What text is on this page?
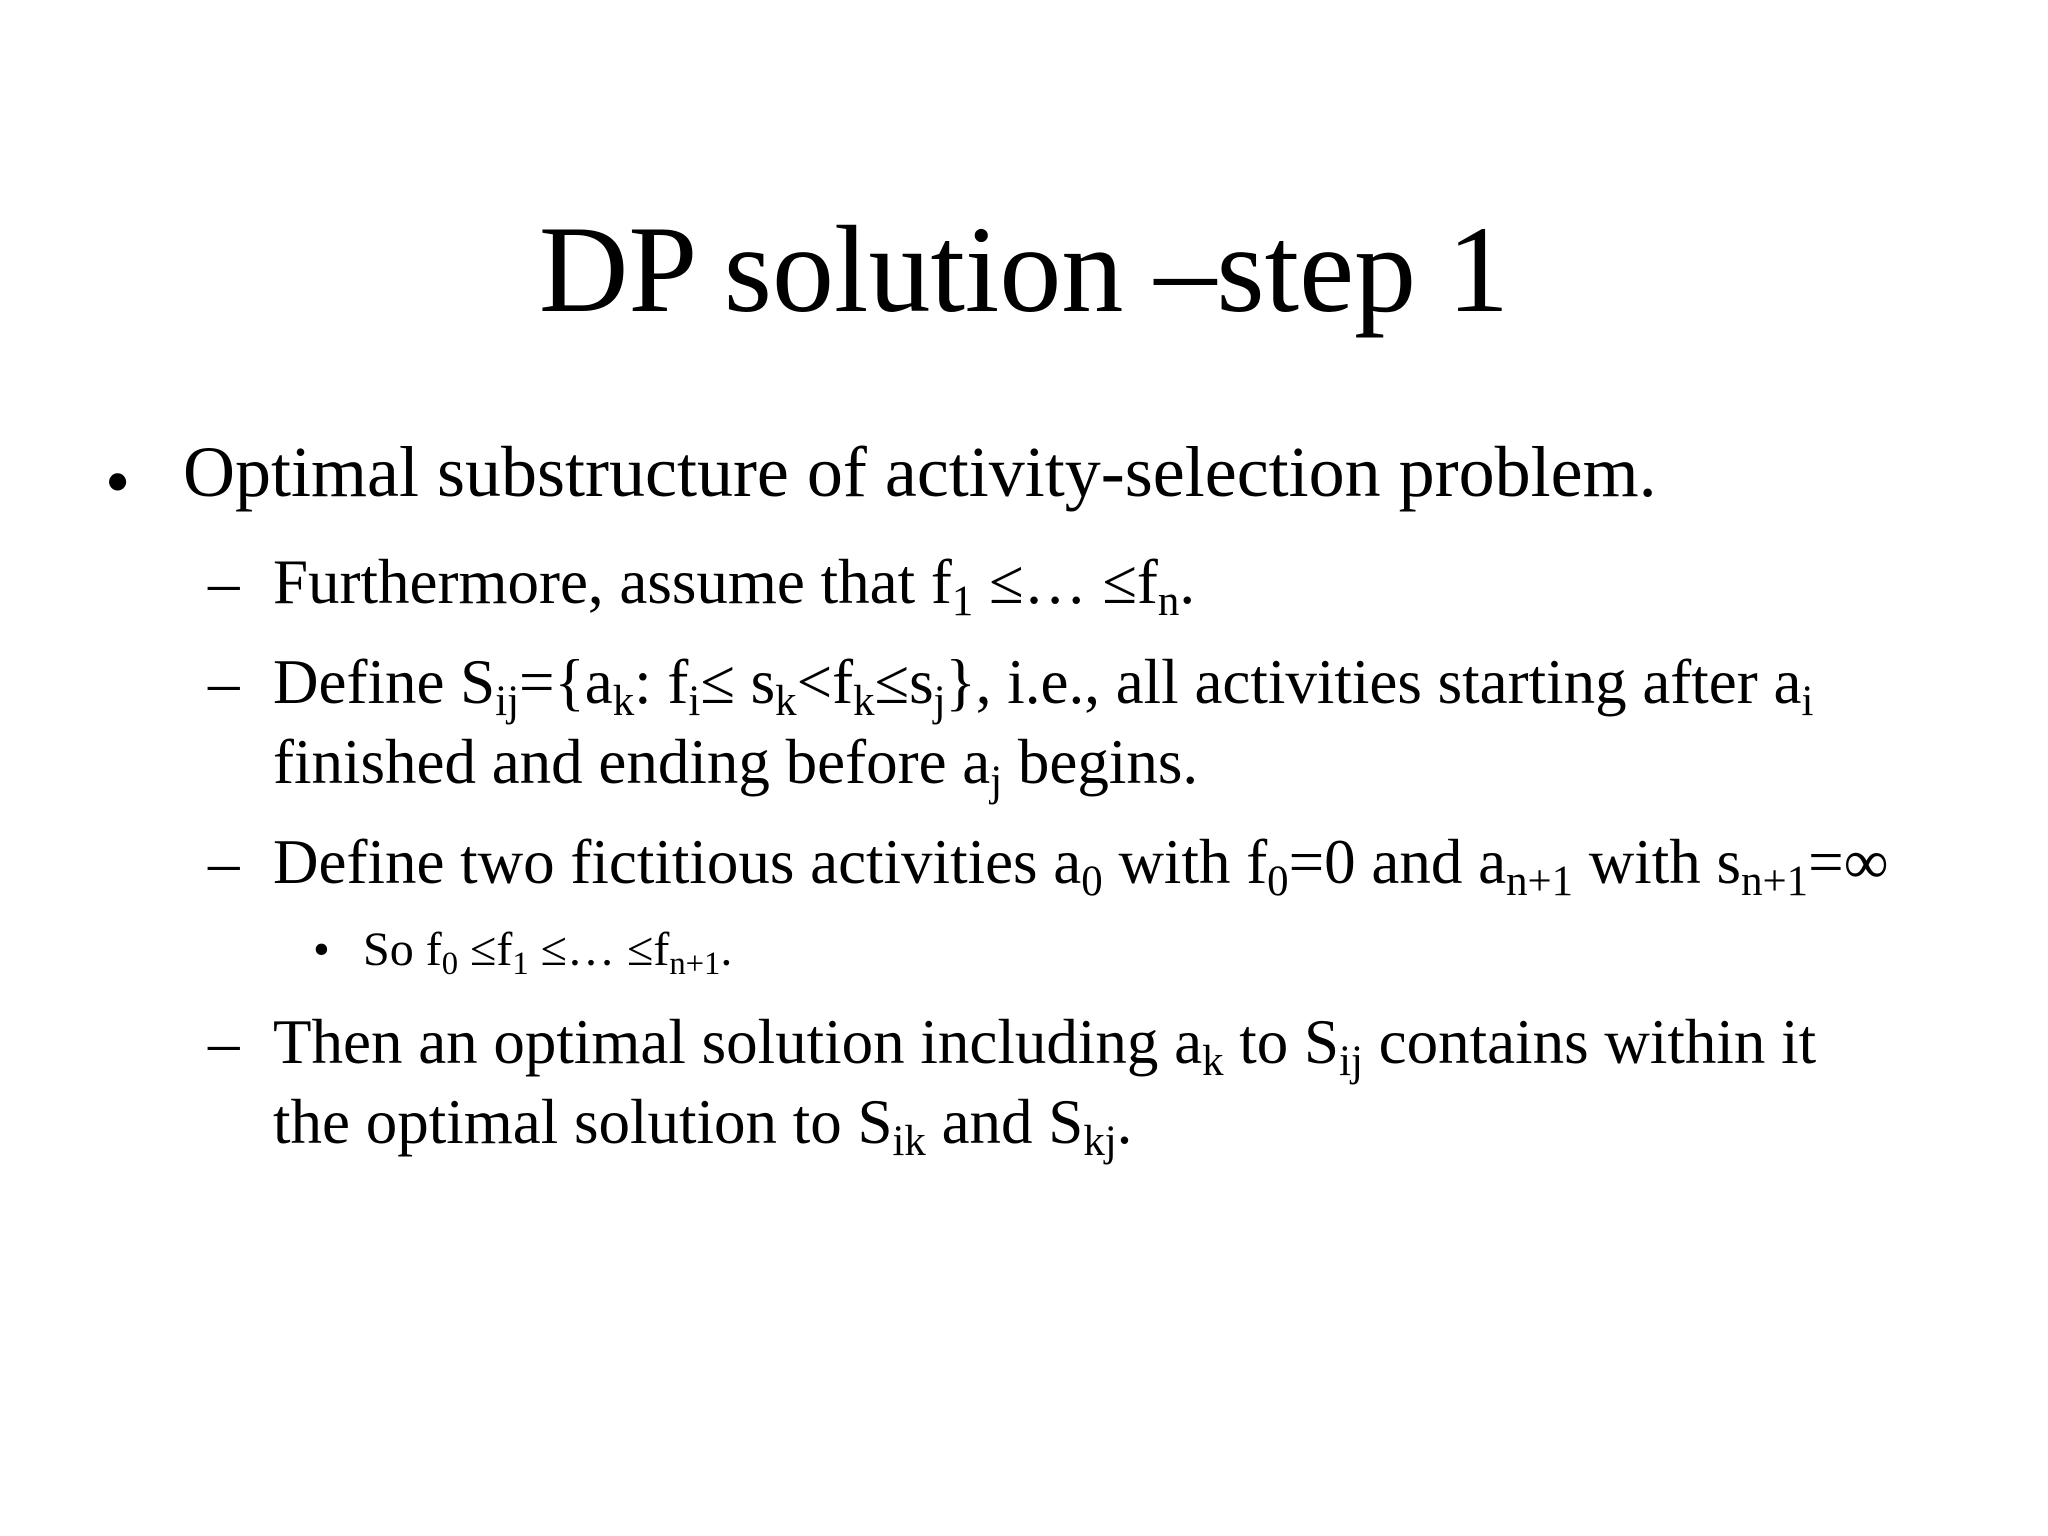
DP solution –step 1
• Optimal substructure of activity-selection problem.
– Furthermore, assume that $f_1$ ≤… $\le f_n$.
– Define $S_{ij}=\{a_k$: $f_i\le s_k<f_k\le s_j$}, i.e., all activities starting after $a_i$
finished and ending before $a_j$ begins.
– Define two fictitious activities $a_0$ with $f_0=0$ and $a_{n+1}$ with $s_{n+1}=\infty$
• So $f_0 \le f_1$ ≤… $\le f_{n+1}$.
– Then an optimal solution including $a_k$ to $S_{ij}$ contains within it
the optimal solution to $S_{ik}$ and $S_{kj}$.
